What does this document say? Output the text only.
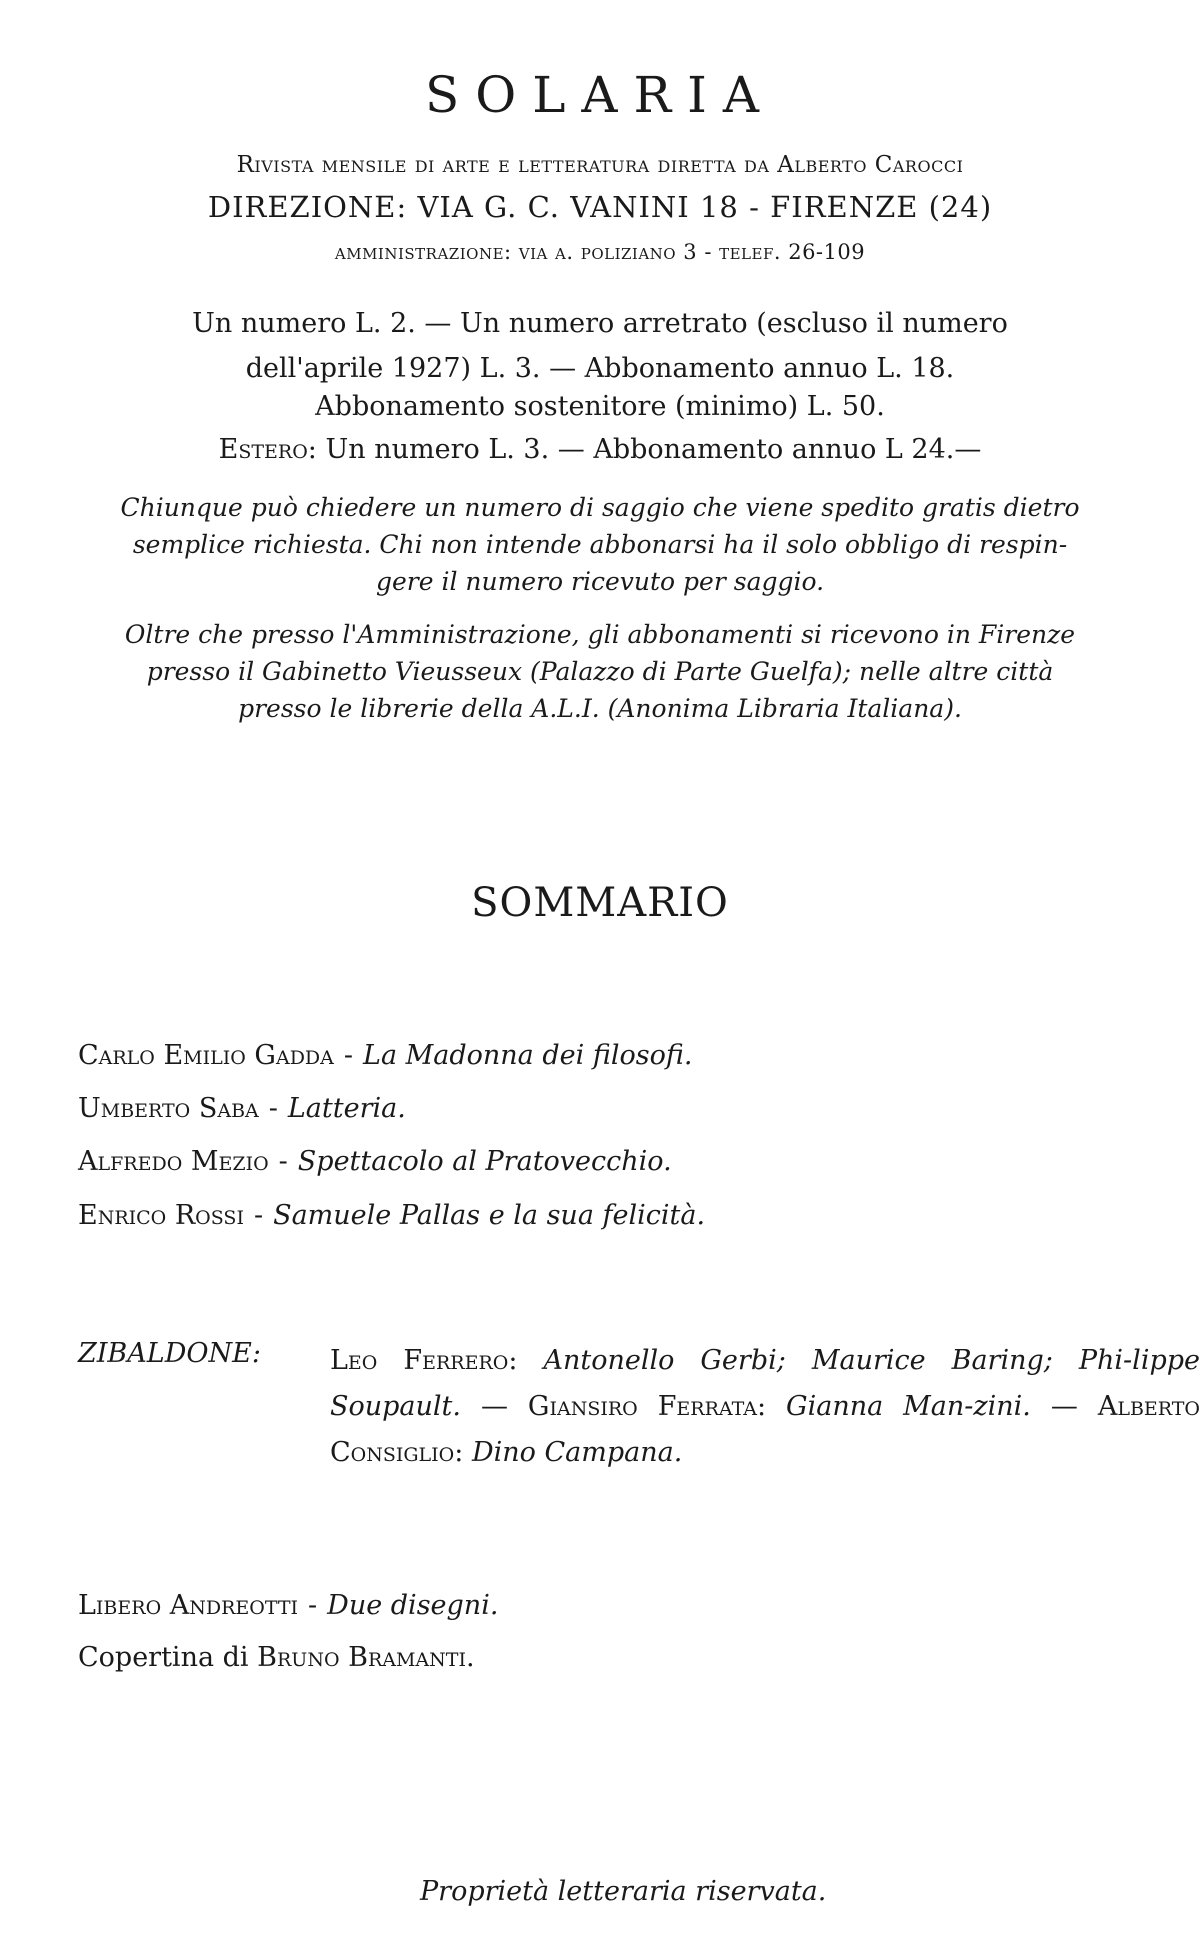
SOLARIA
Rivista mensile di arte e letteratura diretta da Alberto Carocci
DIREZIONE: VIA G. C. VANINI 18 - FIRENZE (24)
amministrazione: via a. poliziano 3 - telef. 26-109
Un numero L. 2. — Un numero arretrato (escluso il numero
dell'aprile 1927) L. 3. — Abbonamento annuo L. 18.
Abbonamento sostenitore (minimo) L. 50.
Estero: Un numero L. 3. — Abbonamento annuo L 24.—
Chiunque può chiedere un numero di saggio che viene spedito gratis dietro
semplice richiesta. Chi non intende abbonarsi ha il solo obbligo di respin-
gere il numero ricevuto per saggio.
Oltre che presso l'Amministrazione, gli abbonamenti si ricevono in Firenze
presso il Gabinetto Vieusseux (Palazzo di Parte Guelfa); nelle altre città
presso le librerie della A.L.I. (Anonima Libraria Italiana).
SOMMARIO
Carlo Emilio Gadda - La Madonna dei filosofi.
Umberto Saba - Latteria.
Alfredo Mezio - Spettacolo al Pratovecchio.
Enrico Rossi - Samuele Pallas e la sua felicità.
ZIBALDONE:	Leo Ferrero: Antonello Gerbi; Maurice Baring; Phi-lippe Soupault. — Giansiro Ferrata: Gianna Man-zini. — Alberto Consiglio: Dino Campana.
Libero Andreotti - Due disegni.
Copertina di Bruno Bramanti.
Proprietà letteraria riservata.
